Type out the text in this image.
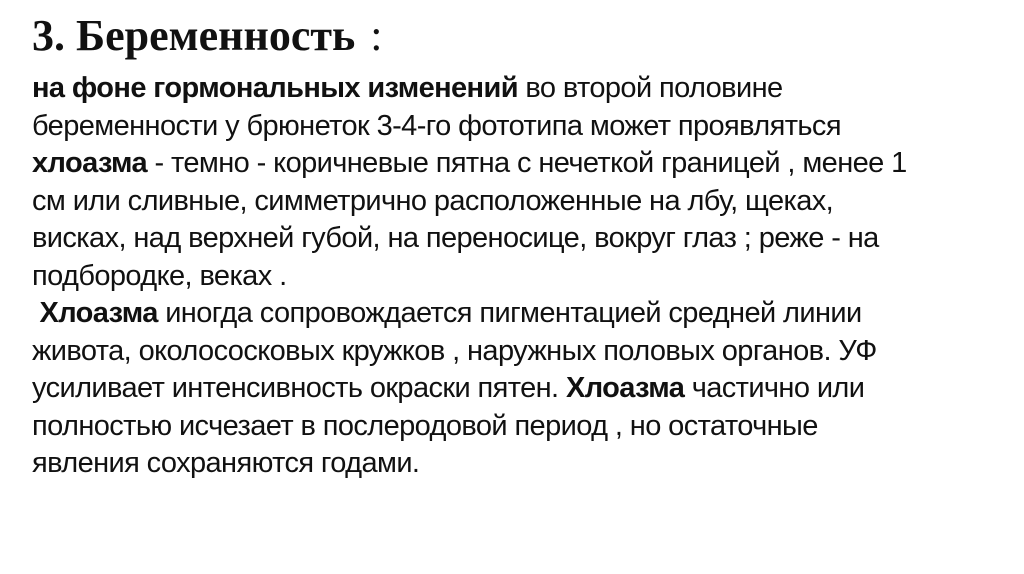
3. Беременность :
на фоне гормональных изменений во второй половине
беременности у брюнеток 3-4-го фототипа может проявляться
хлоазма - темно - коричневые пятна с нечеткой границей , менее 1
см или сливные, симметрично расположенные на лбу, щеках,
висках, над верхней губой, на переносице, вокруг глаз ; реже - на
подбородке, веках .
Хлоазма иногда сопровождается пигментацией средней линии
живота, околососковых кружков , наружных половых органов. УФ
усиливает интенсивность окраски пятен. Хлоазма частично или
полностью исчезает в послеродовой период , но остаточные
явления сохраняются годами.
